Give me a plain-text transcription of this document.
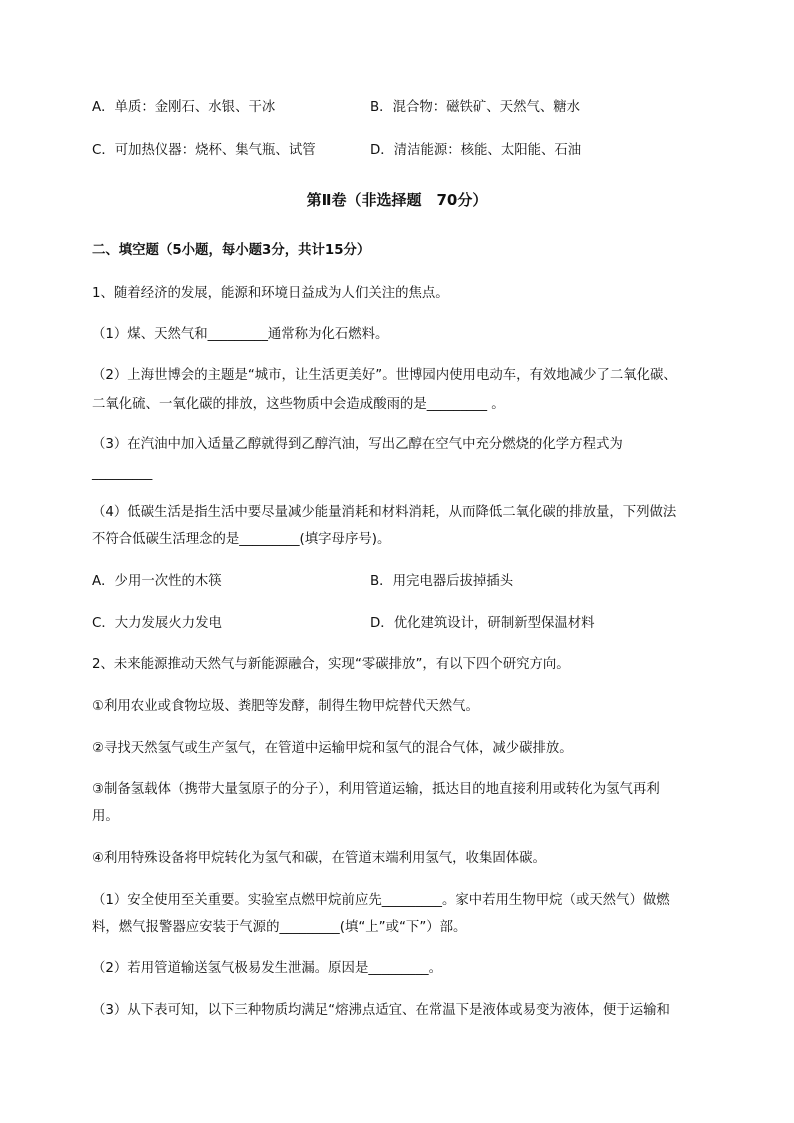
A．单质：金刚石、水银、干冰	B．混合物：磁铁矿、天然气、糖水
C．可加热仪器：烧杯、集气瓶、试管	D．清洁能源：核能、太阳能、石油
第Ⅱ卷（非选择题　70分）
二、填空题（5小题，每小题3分，共计15分）
1、随着经济的发展，能源和环境日益成为人们关注的焦点。
（1）煤、天然气和_________通常称为化石燃料。
（2）上海世博会的主题是“城市，让生活更美好”。世博园内使用电动车，有效地减少了二氧化碳、
二氧化硫、一氧化碳的排放，这些物质中会造成酸雨的是_________ 。
（3）在汽油中加入适量乙醇就得到乙醇汽油，写出乙醇在空气中充分燃烧的化学方程式为
_________
（4）低碳生活是指生活中要尽量减少能量消耗和材料消耗，从而降低二氧化碳的排放量，下列做法
不符合低碳生活理念的是_________(填字母序号)。
A．少用一次性的木筷	B．用完电器后拔掉插头
C．大力发展火力发电	D．优化建筑设计，研制新型保温材料
2、未来能源推动天然气与新能源融合，实现“零碳排放”，有以下四个研究方向。
①利用农业或食物垃圾、粪肥等发酵，制得生物甲烷替代天然气。
②寻找天然氢气或生产氢气，在管道中运输甲烷和氢气的混合气体，减少碳排放。
③制备氢载体（携带大量氢原子的分子），利用管道运输，抵达目的地直接利用或转化为氢气再利
用。
④利用特殊设备将甲烷转化为氢气和碳，在管道末端利用氢气，收集固体碳。
（1）安全使用至关重要。实验室点燃甲烷前应先_________。家中若用生物甲烷（或天然气）做燃
料，燃气报警器应安装于气源的_________(填“上”或“下”）部。
（2）若用管道输送氢气极易发生泄漏。原因是_________。
（3）从下表可知，以下三种物质均满足“熔沸点适宜、在常温下是液体或易变为液体，便于运输和
